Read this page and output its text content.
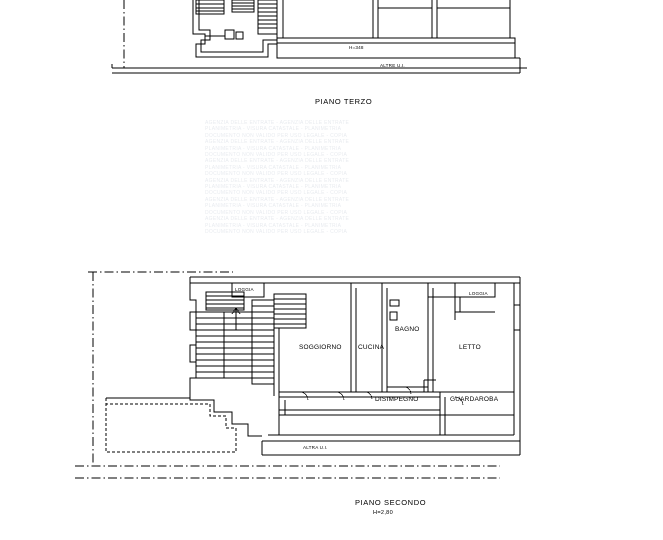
AGENZIA DELLE ENTRATE - AGENZIA DELLE ENTRATE
PLANIMETRIA - VISURA CATASTALE - PLANIMETRIA
DOCUMENTO NON VALIDO PER USO LEGALE - COPIA
AGENZIA DELLE ENTRATE - AGENZIA DELLE ENTRATE
PLANIMETRIA - VISURA CATASTALE - PLANIMETRIA
DOCUMENTO NON VALIDO PER USO LEGALE - COPIA
AGENZIA DELLE ENTRATE - AGENZIA DELLE ENTRATE
PLANIMETRIA - VISURA CATASTALE - PLANIMETRIA
DOCUMENTO NON VALIDO PER USO LEGALE - COPIA
AGENZIA DELLE ENTRATE - AGENZIA DELLE ENTRATE
PLANIMETRIA - VISURA CATASTALE - PLANIMETRIA
DOCUMENTO NON VALIDO PER USO LEGALE - COPIA
AGENZIA DELLE ENTRATE - AGENZIA DELLE ENTRATE
PLANIMETRIA - VISURA CATASTALE - PLANIMETRIA
DOCUMENTO NON VALIDO PER USO LEGALE - COPIA
AGENZIA DELLE ENTRATE - AGENZIA DELLE ENTRATE
PLANIMETRIA - VISURA CATASTALE - PLANIMETRIA
DOCUMENTO NON VALIDO PER USO LEGALE - COPIA
H=348
ALTRE U.I.
PIANO TERZO
LOGGIA
LOGGIA
SOGGIORNO	CUCINA
BAGNO
LETTO
DISIMPEGNO	GUARDAROBA
ALTRA U.I.
PIANO SECONDO
H=2,80
